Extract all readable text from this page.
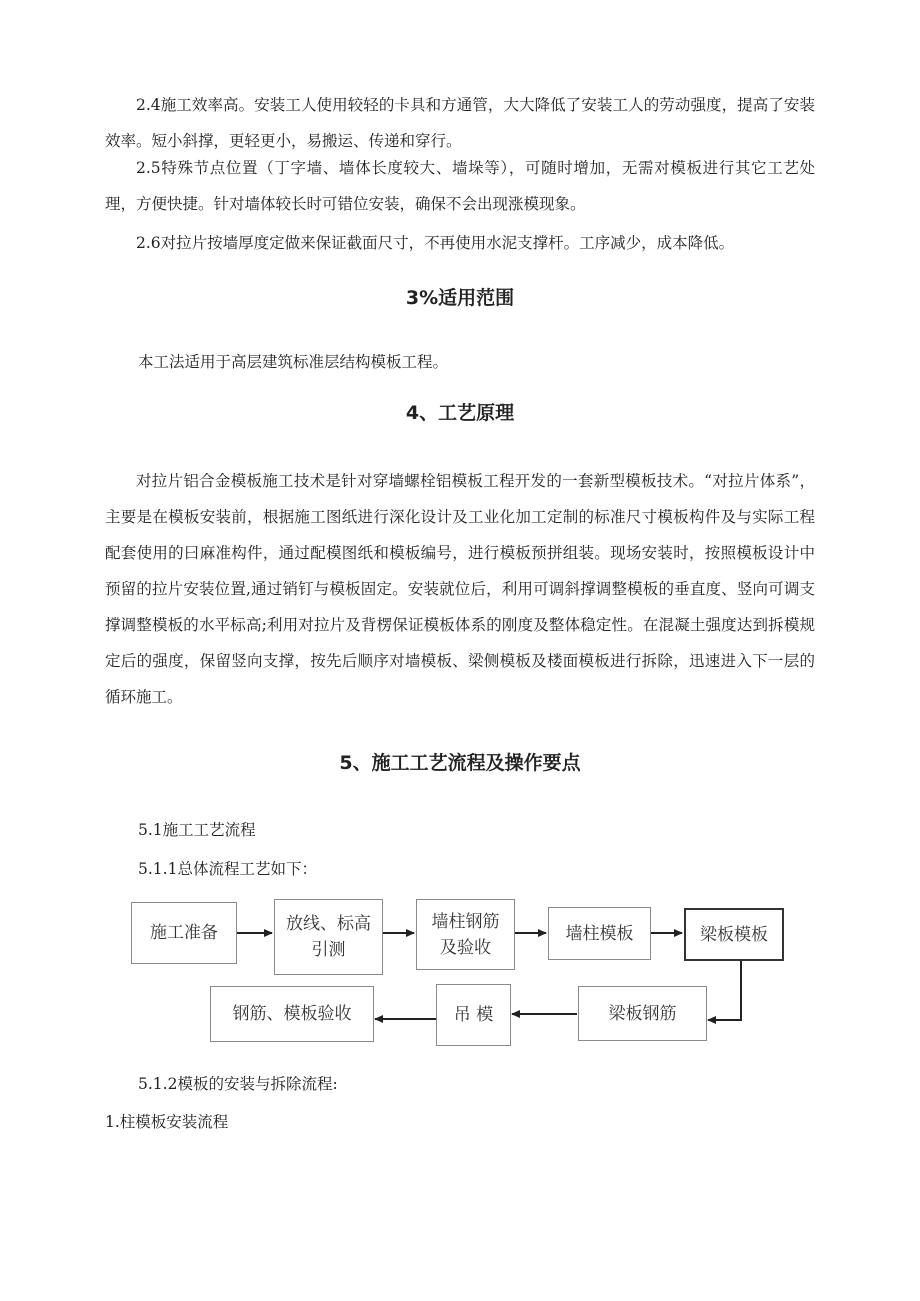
2.4施工效率高。安装工人使用较轻的卡具和方通管，大大降低了安装工人的劳动强度，提高了安装效率。短小斜撑，更轻更小，易搬运、传递和穿行。

2.5特殊节点位置（丁字墙、墙体长度较大、墙垛等），可随时增加，无需对模板进行其它工艺处理，方便快捷。针对墙体较长时可错位安装，确保不会出现涨模现象。

2.6对拉片按墙厚度定做来保证截面尺寸，不再使用水泥支撑杆。工序减少，成本降低。

3%适用范围

本工法适用于高层建筑标准层结构模板工程。

4、工艺原理

对拉片铝合金模板施工技术是针对穿墙螺栓铝模板工程开发的一套新型模板技术。“对拉片体系”，主要是在模板安装前，根据施工图纸进行深化设计及工业化加工定制的标准尺寸模板构件及与实际工程配套使用的曰麻准构件，通过配模图纸和模板编号，进行模板预拼组装。现场安装时，按照模板设计中预留的拉片安装位置,通过销钉与模板固定。安装就位后，利用可调斜撑调整模板的垂直度、竖向可调支撑调整模板的水平标高;利用对拉片及背楞保证模板体系的刚度及整体稳定性。在混凝土强度达到拆模规定后的强度，保留竖向支撑，按先后顺序对墙模板、梁侧模板及楼面模板进行拆除，迅速进入下一层的循环施工。

5、施工工艺流程及操作要点

5.1施工工艺流程

5.1.1总体流程工艺如下：

施工准备	放线、标高
引测
墙柱钢筋
及验收
墙柱模板	梁板模板
梁板钢筋
吊 模
钢筋、模板验收

5.1.2模板的安装与拆除流程:

1.柱模板安装流程
